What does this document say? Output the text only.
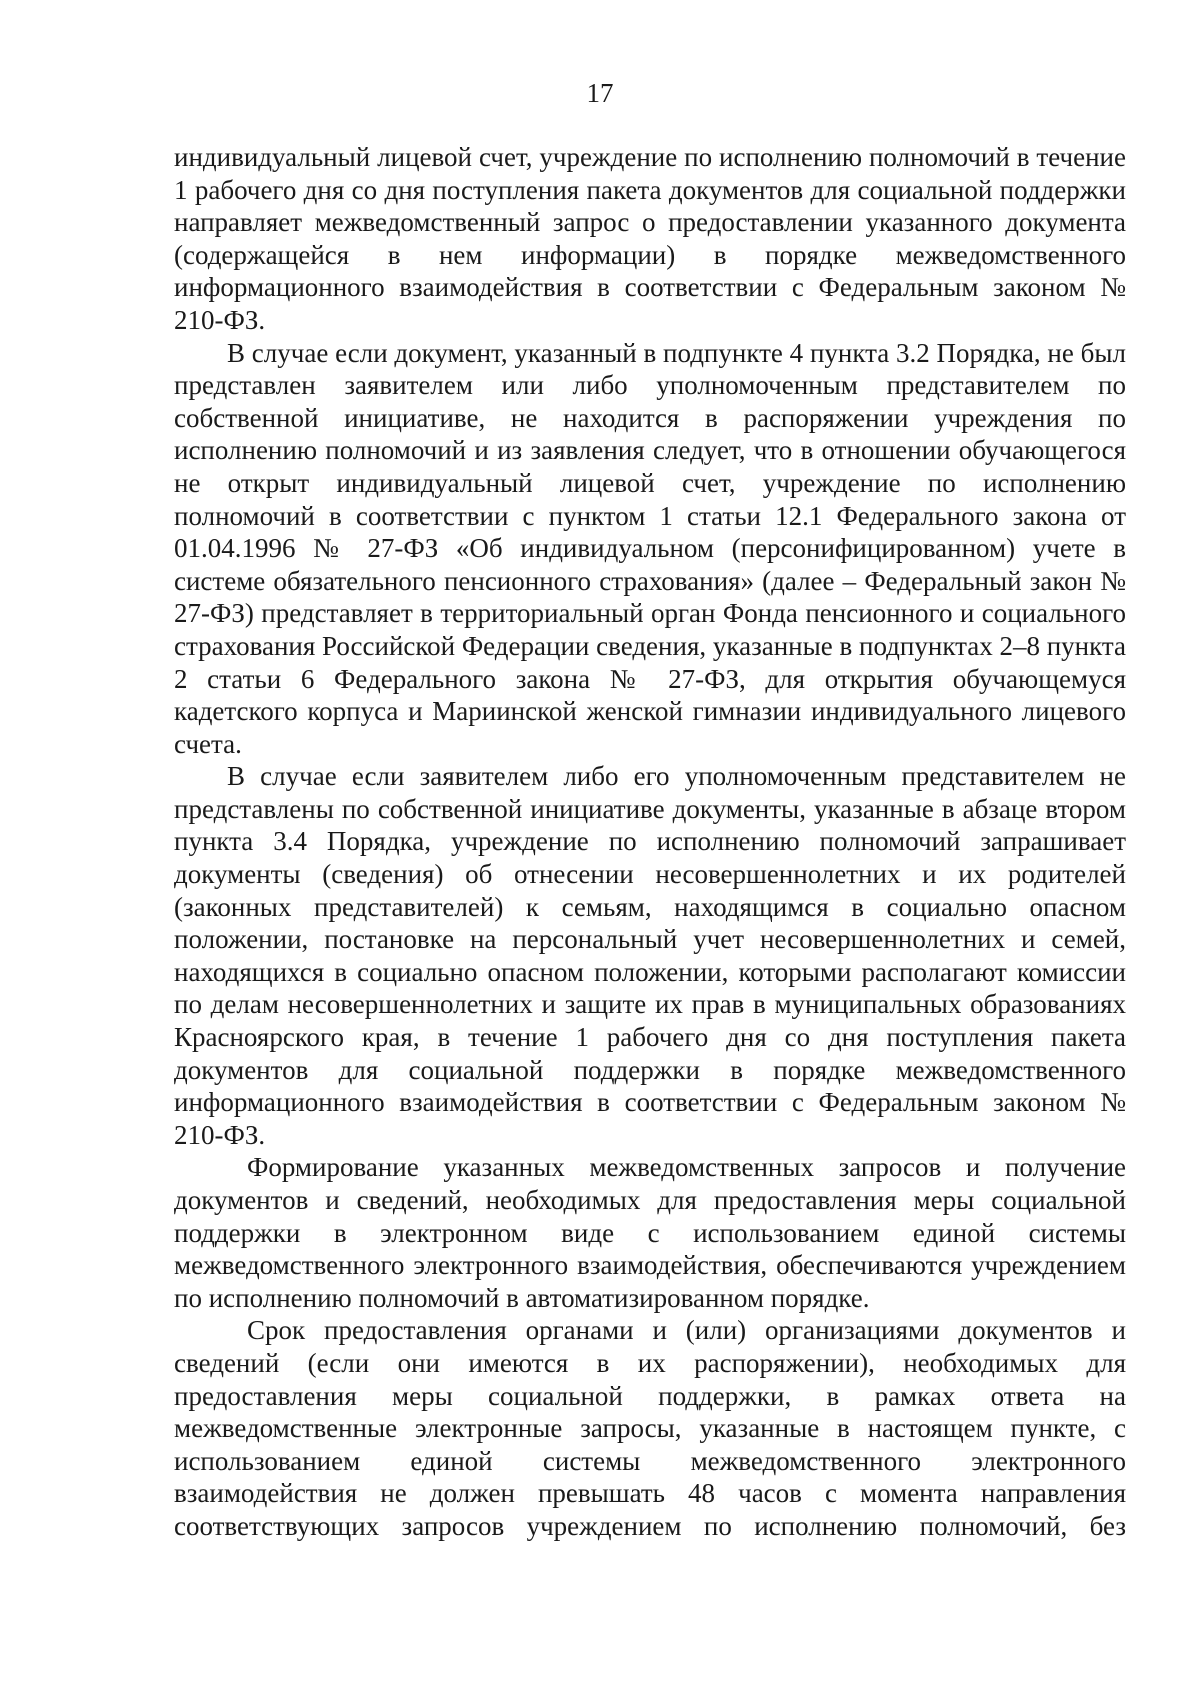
17

индивидуальный лицевой счет, учреждение по исполнению полномочий в течение 1 рабочего дня со дня поступления пакета документов для социальной поддержки направляет межведомственный запрос о предоставлении указанного документа (содержащейся в нем информации) в порядке межведомственного информационного взаимодействия в соответствии с Федеральным законом № 210-ФЗ.

В случае если документ, указанный в подпункте 4 пункта 3.2 Порядка, не был представлен заявителем или либо уполномоченным представителем по собственной инициативе, не находится в распоряжении учреждения по исполнению полномочий и из заявления следует, что в отношении обучающегося не открыт индивидуальный лицевой счет, учреждение по исполнению полномочий в соответствии с пунктом 1 статьи 12.1 Федерального закона от 01.04.1996 № 27-ФЗ «Об индивидуальном (персонифицированном) учете в системе обязательного пенсионного страхования» (далее – Федеральный закон № 27-ФЗ) представляет в территориальный орган Фонда пенсионного и социального страхования Российской Федерации сведения, указанные в подпунктах 2–8 пункта 2 статьи 6 Федерального закона № 27-ФЗ, для открытия обучающемуся кадетского корпуса и Мариинской женской гимназии индивидуального лицевого счета.

В случае если заявителем либо его уполномоченным представителем не представлены по собственной инициативе документы, указанные в абзаце втором пункта 3.4 Порядка, учреждение по исполнению полномочий запрашивает документы (сведения) об отнесении несовершеннолетних и их родителей (законных представителей) к семьям, находящимся в социально опасном положении, постановке на персональный учет несовершеннолетних и семей, находящихся в социально опасном положении, которыми располагают комиссии по делам несовершеннолетних и защите их прав в муниципальных образованиях Красноярского края, в течение 1 рабочего дня со дня поступления пакета документов для социальной поддержки в порядке межведомственного информационного взаимодействия в соответствии с Федеральным законом № 210-ФЗ.

Формирование указанных межведомственных запросов и получение документов и сведений, необходимых для предоставления меры социальной поддержки в электронном виде с использованием единой системы межведомственного электронного взаимодействия, обеспечиваются учреждением по исполнению полномочий в автоматизированном порядке.

Срок предоставления органами и (или) организациями документов и сведений (если они имеются в их распоряжении), необходимых для предоставления меры социальной поддержки, в рамках ответа на межведомственные электронные запросы, указанные в настоящем пункте, с использованием единой системы межведомственного электронного взаимодействия не должен превышать 48 часов с момента направления соответствующих запросов учреждением по исполнению полномочий, без
